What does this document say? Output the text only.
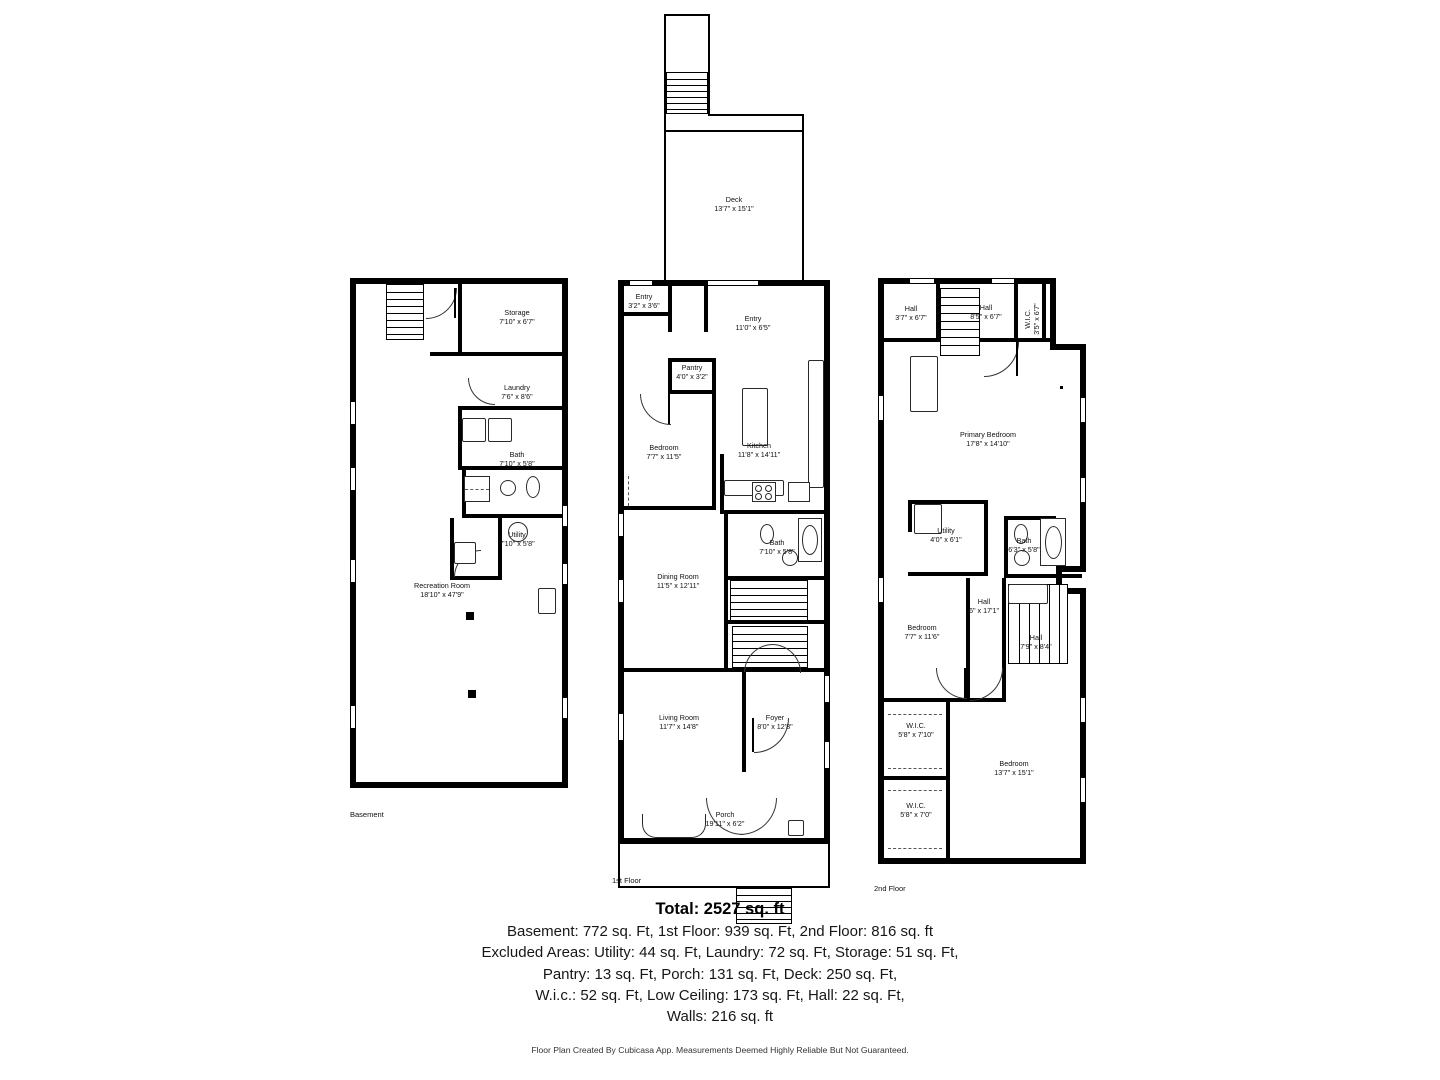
Storage
7'10" x 6'7"
Laundry
7'6" x 8'6"
Bath
7'10" x 5'8"
Utility
7'10" x 5'8"
Recreation Room
18'10" x 47'9"
Basement
Deck
13'7" x 15'1"
Entry
3'2" x 3'6"
Entry
11'0" x 6'5"
Pantry
4'0" x 3'2"
Bedroom
7'7" x 11'5"
Kitchen
11'8" x 14'11"
Bath
7'10" x 5'8"
Dining Room
11'5" x 12'11"
Living Room
11'7" x 14'8"
Foyer
8'0" x 12'8"
Porch
19'11" x 6'2"
1st Floor
Hall
3'7" x 6'7"
Hall
8'5" x 6'7"	W.I.C. 3'5" x 6'7"
Primary Bedroom
17'8" x 14'10"
Utility
4'0" x 6'1"	Bath
6'3" x 5'8"
Hall
6" x 17'1"
Hall
7'9" x 8'4"
Bedroom
7'7" x 11'6"
W.I.C.
5'8" x 7'10"
W.I.C.
5'8" x 7'0"
Bedroom
13'7" x 15'1"
2nd Floor
Total: 2527 sq. ft
Basement: 772 sq. Ft, 1st Floor: 939 sq. Ft, 2nd Floor: 816 sq. ft
Excluded Areas: Utility: 44 sq. Ft, Laundry: 72 sq. Ft, Storage: 51 sq. Ft,
Pantry: 13 sq. Ft, Porch: 131 sq. Ft, Deck: 250 sq. Ft,
W.i.c.: 52 sq. Ft, Low Ceiling: 173 sq. Ft, Hall: 22 sq. Ft,
Walls: 216 sq. ft
Floor Plan Created By Cubicasa App. Measurements Deemed Highly Reliable But Not Guaranteed.
